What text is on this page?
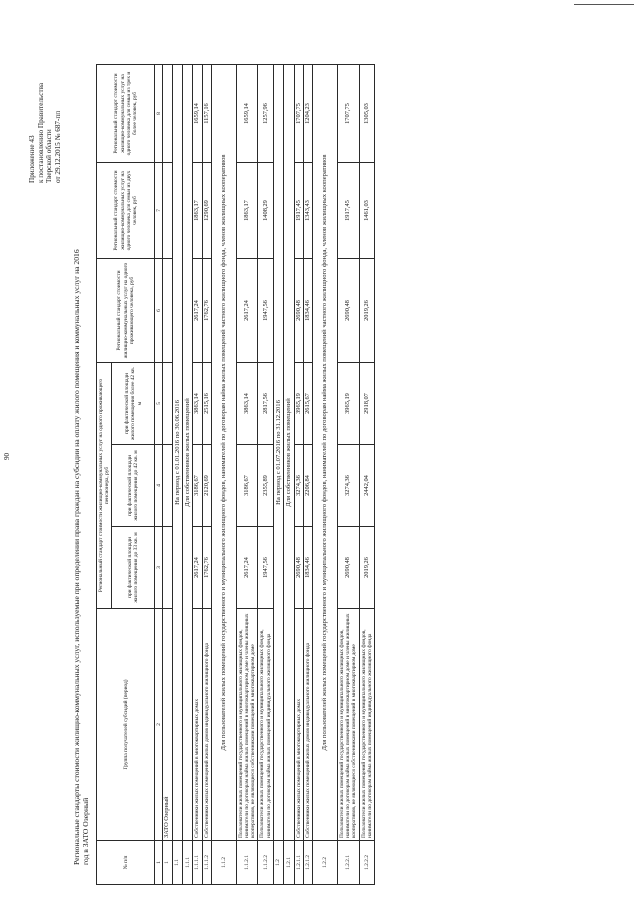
90
Приложение 43 к постановлению Правительства Тверской области от 29.12.2015 № 687-пп
Региональные стандарты стоимости жилищно-коммунальных услуг, используемые при определении права граждан на субсидии на оплату жилого помещения и коммунальных услуг на 2016 год в ЗАТО Озерный	№ п/п	Группа получателей субсидий (период)	Региональный стандарт стоимости жилищно-коммунальных услуг на одного проживающего пенсионера, руб			Региональный стандарт стоимости жилищно-коммунальных услуг на одного проживающего человека, руб	Региональный стандарт стоимости жилищно-коммунальных услуг на одного человека для семьи из двух человек, руб	Региональный стандарт стоимости жилищно-коммунальных услуг на одного человека для семьи из трех и более человек, руб
		при фактической площади жилого помещения до 33 кв. м	при фактической площади жилого помещения до 42 кв. м	при фактической площади жилого помещения более 42 кв. м			
1	2	3	4	5	6	7	8
1	ЗАТО Озерный						
1.1	На период с 01.01.2016 по 30.06.2016						
1.1.1	Для собственников жилых помещений						
1.1.1.1	Собственники жилых помещений в многоквартирных домах	2617,24	3186,67	3863,14	2617,24	1863,17	1659,14
1.1.1.2	Собственники жилых помещений жилых домов индивидуального жилищного фонда	1762,76	2120,69	2515,16	1762,76	1290,69	1157,16
1.1.2	Для пользователей жилых помещений государственного и муниципального жилищного фондов, нанимателей по договорам найма жилых помещений частного жилищного фонда, членов жилищных кооперативов						
1.1.2.1	Пользователи жилых помещений государственного и муниципального жилищных фондов, наниматели по договорам найма жилых помещений в многоквартирном доме и члены жилищных кооперативов, не являющиеся собственниками помещений в многоквартирном доме	2617,24	3186,67	3863,14	2617,24	1863,17	1659,14
1.1.2.2	Пользователи жилых помещений государственного и муниципального жилищных фондов, наниматели по договорам найма жилых помещений индивидуального жилищного фонда	1947,56	2355,89	2817,56	1947,56	1408,29	1257,96
1.2	На период с 01.07.2016 по 31.12.2016						
1.2.1	Для собственников жилых помещений						
1.2.1.1	Собственники жилых помещений в многоквартирных домах	2690,48	3274,36	3965,19	2690,48	1917,45	1707,75
1.2.1.2	Собственники жилых помещений жилых домов индивидуального жилищного фонда	1834,46	2206,84	2615,67	1834,46	1343,43	1204,23
1.2.2	Для пользователей жилых помещений государственного и муниципального жилищного фондов, нанимателей по договорам найма жилых помещений частного жилищного фонда, членов жилищных кооперативов						
1.2.2.1	Пользователи жилых помещений государственного и муниципального жилищных фондов, наниматели по договорам найма жилых помещений в многоквартирном доме и члены жилищных кооперативов, не являющиеся собственниками помещений в многоквартирном доме	2690,48	3274,36	3965,19	2690,48	1917,45	1707,75
1.2.2.2	Пользователи жилых помещений государственного и муниципального жилищных фондов, наниматели по договорам найма жилых помещений индивидуального жилищного фонда	2019,26	2442,04	2918,07	2019,26	1461,03	1305,03
